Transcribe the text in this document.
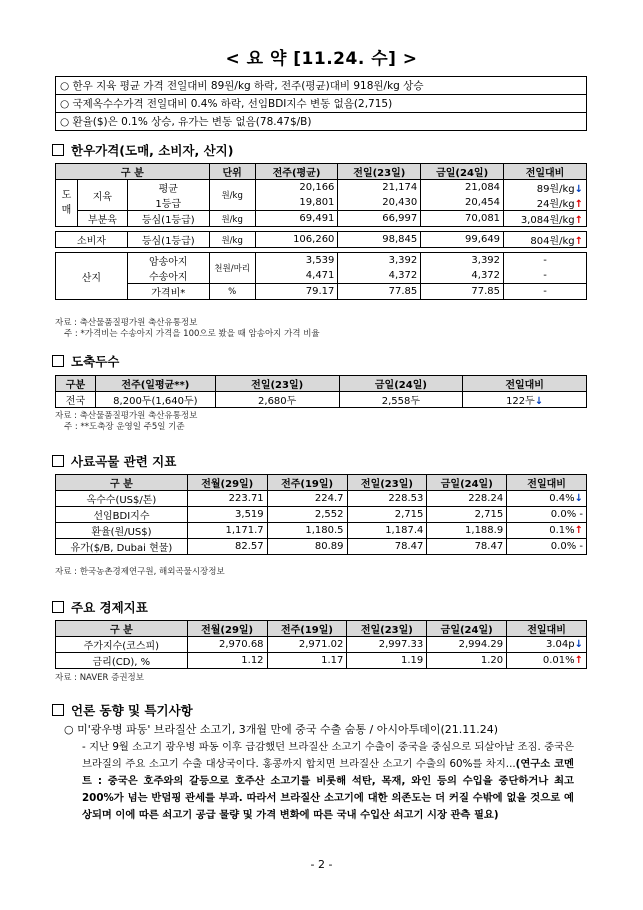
< 요 약 [11.24. 수] >
○ 한우 지육 평균 가격 전일대비 89원/kg 하락, 전주(평균)대비 918원/kg 상승
○ 국제옥수수가격 전일대비 0.4% 하락, 선임BDI지수 변동 없음(2,715)
○ 환율($)은 0.1% 상승, 유가는 변동 없음(78.47$/B)
한우가격(도매, 소비자, 산지)
구 분			단위	전주(평균)	전일(23일)	금일(24일)	전일대비
도매	지육	평균	원/kg	20,166	21,174	21,084	89원/kg↓
		1등급		19,801	20,430	20,454	24원/kg↑
	부분육	등심(1등급)	원/kg	69,491	66,997	70,081	3,084원/kg↑

소비자		등심(1등급)	원/kg	106,260	98,845	99,649	804원/kg↑

산지		암송아지	천원/마리	3,539	3,392	3,392	-
		수송아지		4,471	4,372	4,372	-
		가격비*	%	79.17	77.85	77.85	-
자료 : 축산물품질평가원 축산유통정보
주 : *가격비는 수송아지 가격을 100으로 봤을 때 암송아지 가격 비율
도축두수
구분	전주(일평균**)	전일(23일)	금일(24일)	전일대비
전국	8,200두(1,640두)	2,680두	2,558두	122두↓
자료 : 축산물품질평가원 축산유통정보
주 : **도축장 운영일 주5일 기준
사료곡물 관련 지표
구 분	전월(29일)	전주(19일)	전일(23일)	금일(24일)	전일대비
옥수수(US$/톤)	223.71	224.7	228.53	228.24	0.4%↓
선임BDI지수	3,519	2,552	2,715	2,715	0.0% -
환율(원/US$)	1,171.7	1,180.5	1,187.4	1,188.9	0.1%↑
유가($/B, Dubai 현물)	82.57	80.89	78.47	78.47	0.0% -
자료 : 한국농촌경제연구원, 해외곡물시장정보
주요 경제지표
구 분	전월(29일)	전주(19일)	전일(23일)	금일(24일)	전일대비
주가지수(코스피)	2,970.68	2,971.02	2,997.33	2,994.29	3.04p↓
금리(CD), %	1.12	1.17	1.19	1.20	0.01%↑
자료 : NAVER 증권정보
언론 동향 및 특기사항
○ 미'광우병 파동' 브라질산 소고기, 3개월 만에 중국 수출 숨통 / 아시아투데이(21.11.24)
- 지난 9월 소고기 광우병 파동 이후 급감했던 브라질산 소고기 수출이 중국을 중심으로 되살아날 조짐. 중국은 브라질의 주요 소고기 수출 대상국이다. 홍콩까지 합치면 브라질산 소고기 수출의 60%를 차지...(연구소 코멘트 : 중국은 호주와의 갈등으로 호주산 소고기를 비롯해 석탄, 목재, 와인 등의 수입을 중단하거나 최고 200%가 넘는 반덤핑 관세를 부과. 따라서 브라질산 소고기에 대한 의존도는 더 커질 수밖에 없을 것으로 예상되며 이에 따른 쇠고기 공급 물량 및 가격 변화에 따른 국내 수입산 쇠고기 시장 관측 필요)
- 2 -
